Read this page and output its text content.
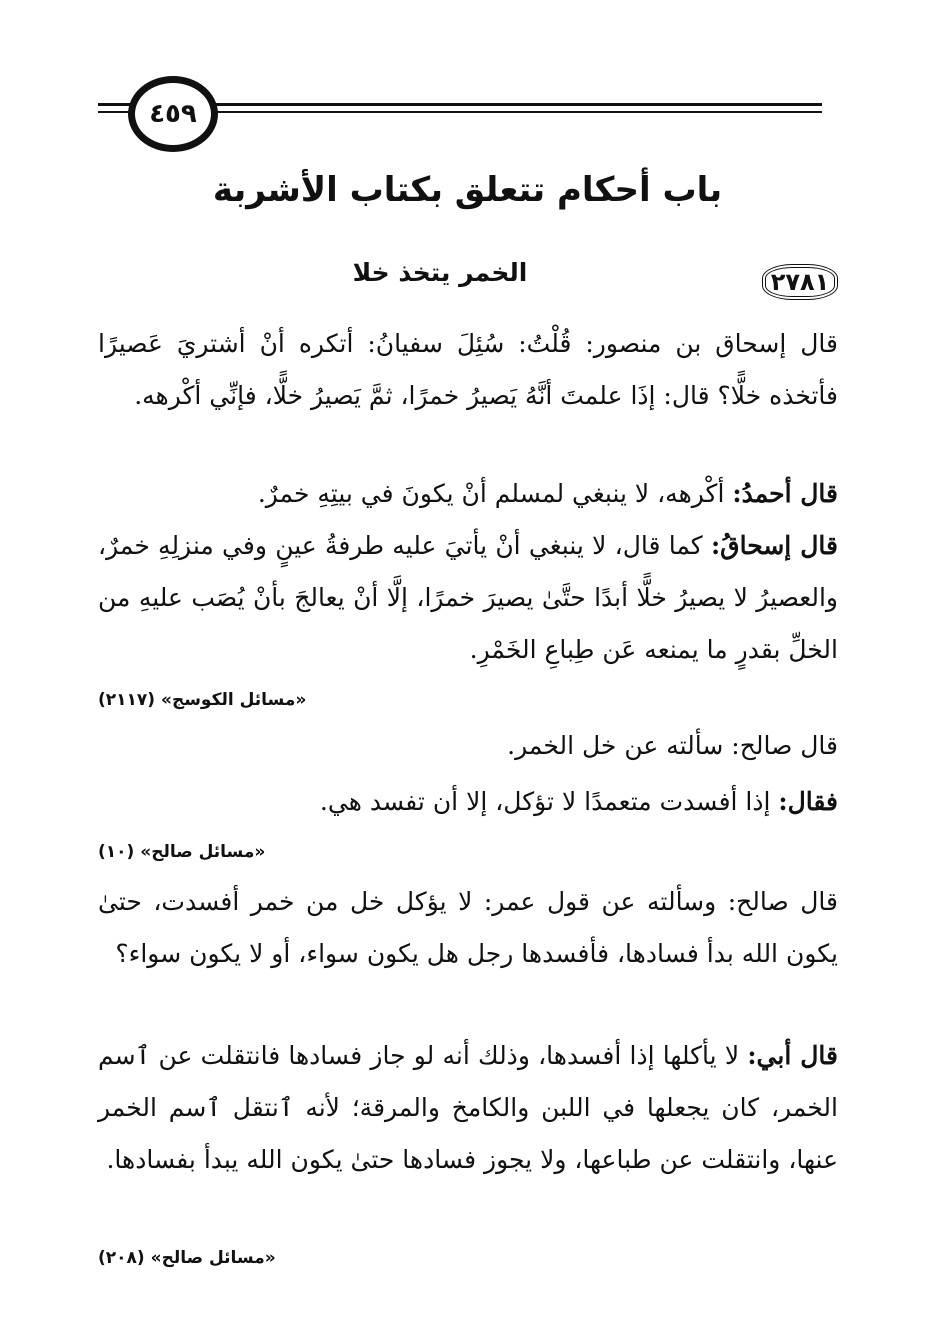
٤٥٩
باب أحكام تتعلق بكتاب الأشربة
٢٧٨١
الخمر يتخذ خلا
قال إسحاق بن منصور: قُلْتُ: سُئِلَ سفيانُ: أتكره أنْ أشتريَ عَصيرًا فأتخذه خلًّا؟ قال: إذَا علمتَ أنَّهُ يَصيرُ خمرًا، ثمَّ يَصيرُ خلًّا، فإنِّي أكْرهه.
قال أحمدُ: أكْرهه، لا ينبغي لمسلم أنْ يكونَ في بيتِهِ خمرٌ.
قال إسحاقُ: كما قال، لا ينبغي أنْ يأتيَ عليه طرفةُ عينٍ وفي منزلِهِ خمرٌ، والعصيرُ لا يصيرُ خلًّا أبدًا حتَّىٰ يصيرَ خمرًا، إلَّا أنْ يعالجَ بأنْ يُصَب عليهِ من الخلِّ بقدرٍ ما يمنعه عَن طِباعِ الخَمْرِ.
«مسائل الكوسج» (٢١١٧)
قال صالح: سألته عن خل الخمر.
فقال: إذا أفسدت متعمدًا لا تؤكل، إلا أن تفسد هي.
«مسائل صالح» (١٠)
قال صالح: وسألته عن قول عمر: لا يؤكل خل من خمر أفسدت، حتىٰ يكون الله بدأ فسادها، فأفسدها رجل هل يكون سواء، أو لا يكون سواء؟
قال أبي: لا يأكلها إذا أفسدها، وذلك أنه لو جاز فسادها فانتقلت عن ٱسم الخمر، كان يجعلها في اللبن والكامخ والمرقة؛ لأنه ٱنتقل ٱسم الخمر عنها، وانتقلت عن طباعها، ولا يجوز فسادها حتىٰ يكون الله يبدأ بفسادها.
«مسائل صالح» (٢٠٨)
